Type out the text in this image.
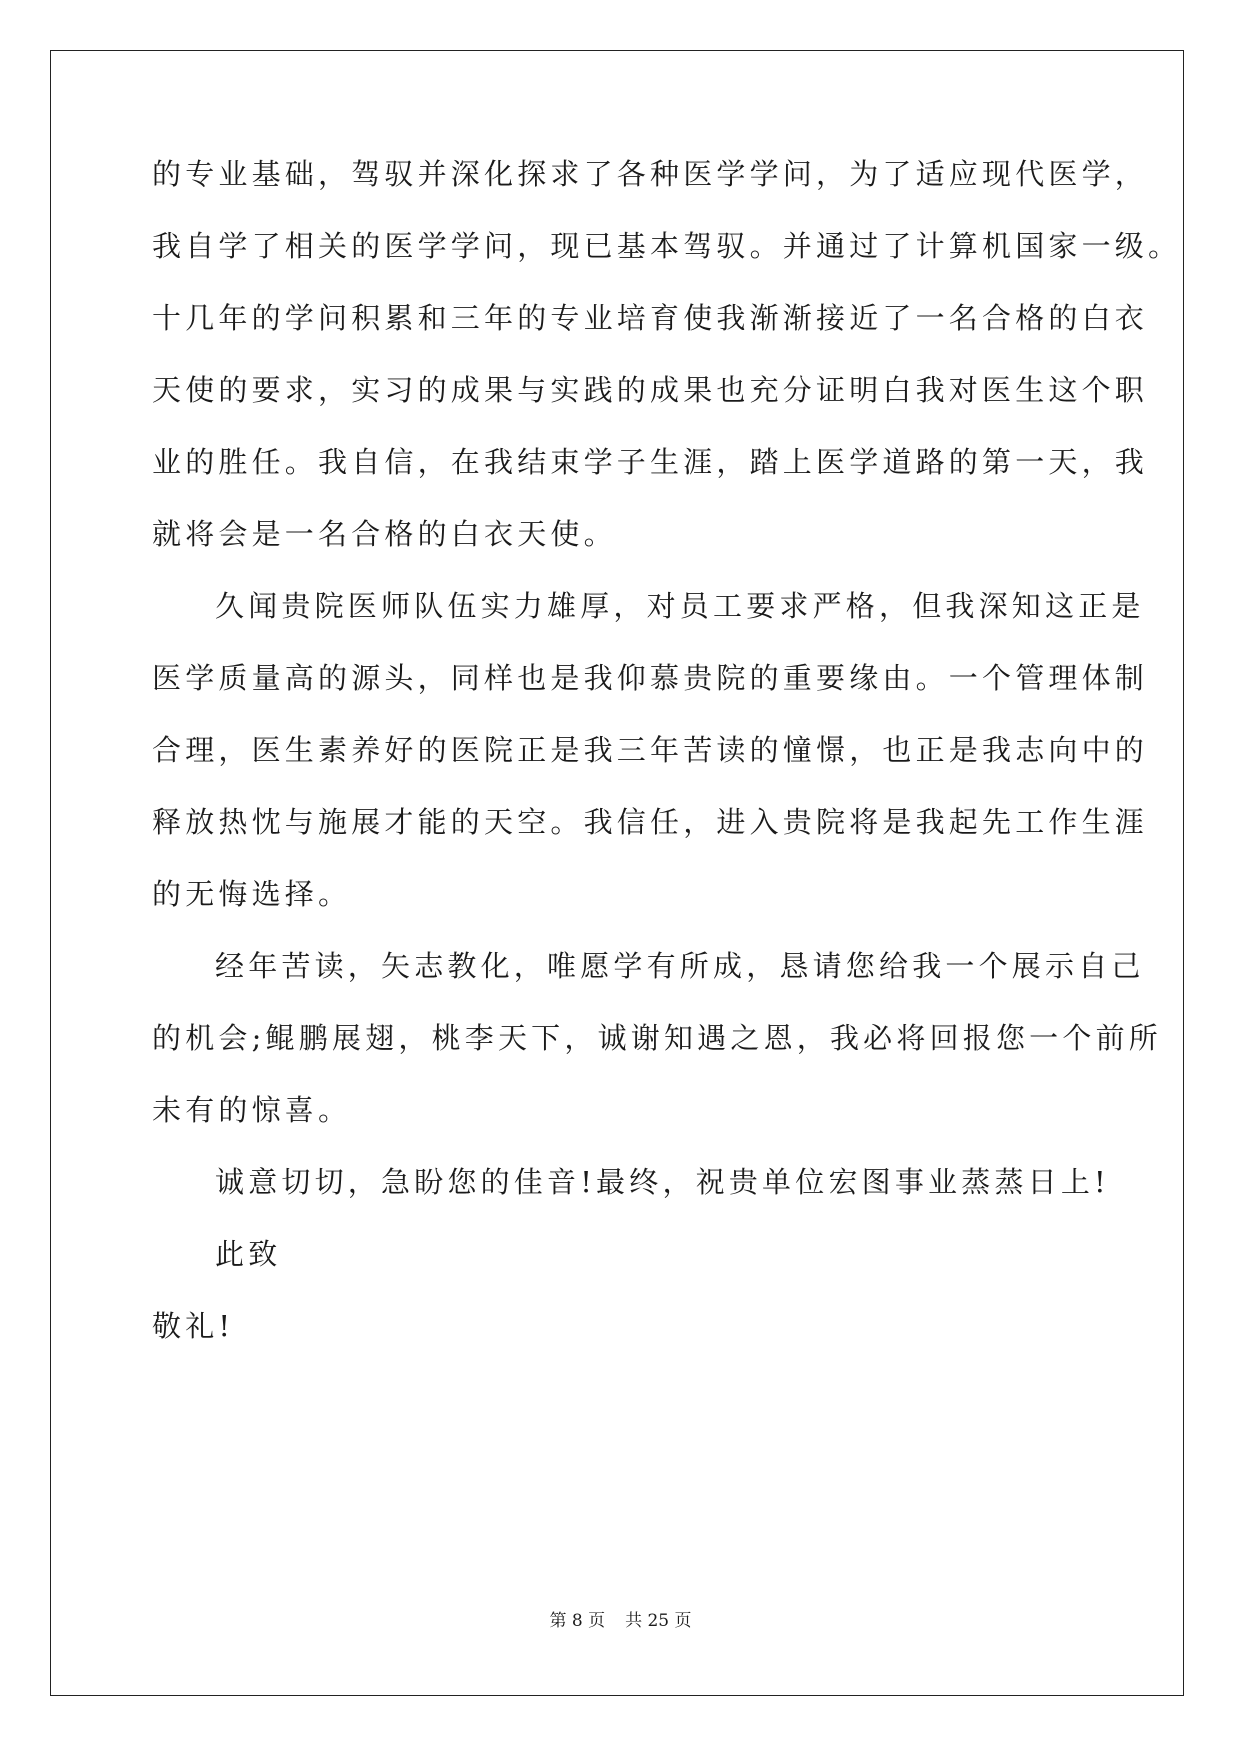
的专业基础，驾驭并深化探求了各种医学学问，为了适应现代医学，
我自学了相关的医学学问，现已基本驾驭。并通过了计算机国家一级。
十几年的学问积累和三年的专业培育使我渐渐接近了一名合格的白衣
天使的要求，实习的成果与实践的成果也充分证明白我对医生这个职
业的胜任。我自信，在我结束学子生涯，踏上医学道路的第一天，我
就将会是一名合格的白衣天使。
久闻贵院医师队伍实力雄厚，对员工要求严格，但我深知这正是
医学质量高的源头，同样也是我仰慕贵院的重要缘由。一个管理体制
合理，医生素养好的医院正是我三年苦读的憧憬，也正是我志向中的
释放热忱与施展才能的天空。我信任，进入贵院将是我起先工作生涯
的无悔选择。
经年苦读，矢志教化，唯愿学有所成，恳请您给我一个展示自己
的机会;鲲鹏展翅，桃李天下，诚谢知遇之恩，我必将回报您一个前所
未有的惊喜。
诚意切切，急盼您的佳音!最终，祝贵单位宏图事业蒸蒸日上!
此致
敬礼!
第 8 页 共 25 页
